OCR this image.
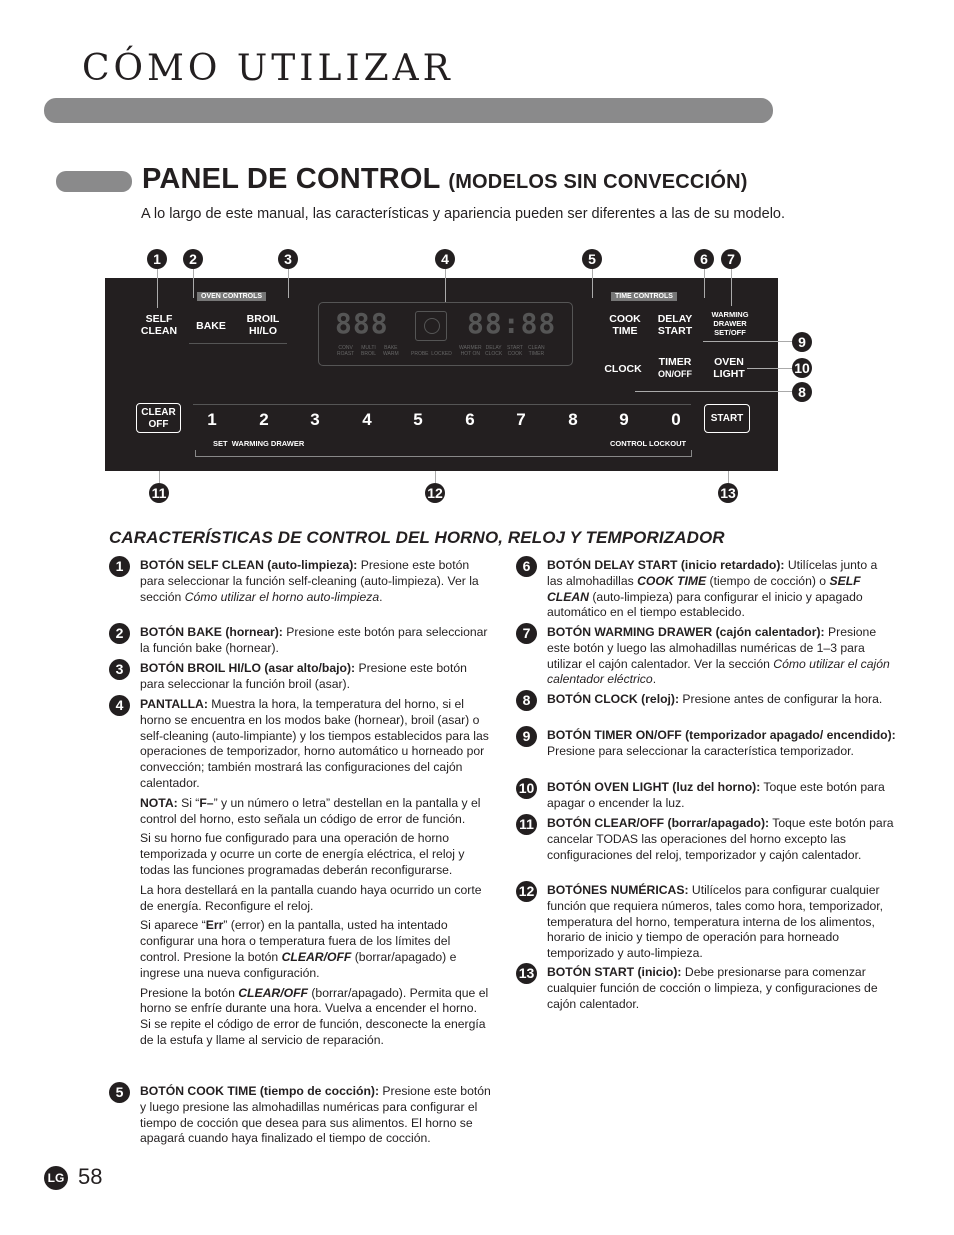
CÓMO UTILIZAR
PANEL DE CONTROL (MODELOS SIN CONVECCIÓN)
A lo largo de este manual, las características y apariencia pueden ser diferentes a las de su modelo.
1	2	3	4	5	6	7
9
10
8
11	12	13
SELF
CLEAN
OVEN CONTROLS
BAKE
BROIL
HI/LO
TIME CONTROLS
COOK
TIME
DELAY
START
WARMING
DRAWER
SET/OFF
CLOCK
TIMER
ON/OFF
OVEN
LIGHT
CLEAR
OFF
START
1	2	3	4	5	6	7	8	9	0
SET  WARMING DRAWER	CONTROL LOCKOUT
888	88:88
CONV
ROAST
MULTI
BROIL
BAKE
WARM PROBE  LOCKED
WARMER
HOT ON
DELAY
CLOCK
START
COOK
CLEAN
TIMER
CARACTERÍSTICAS DE CONTROL DEL HORNO, RELOJ Y TEMPORIZADOR
1	BOTÓN SELF CLEAN (auto-limpieza): Presione este botón para seleccionar la función self-cleaning (auto-limpieza). Ver la sección Cómo utilizar el horno auto-limpieza.
2	BOTÓN BAKE (hornear): Presione este botón para seleccionar la función bake (hornear).
3	BOTÓN BROIL HI/LO (asar alto/bajo): Presione este botón para seleccionar la función broil (asar).
4	PANTALLA: Muestra la hora, la temperatura del horno, si el horno se encuentra en los modos bake (hornear), broil (asar) o self-cleaning (auto-limpiante) y los tiempos establecidos para las operaciones de temporizador, horno automático u horneado por convección; también mostrará las configuraciones del cajón calentador.
NOTA: Si “F–” y un número o letra” destellan en la pantalla y el control del horno, esto señala un código de error de función.
Si su horno fue configurado para una operación de horno temporizada y ocurre un corte de energía eléctrica, el reloj y todas las funciones programadas deberán reconfigurarse.
La hora destellará en la pantalla cuando haya ocurrido un corte de energía. Reconfigure el reloj.
Si aparece “Err” (error) en la pantalla, usted ha intentado configurar una hora o temperatura fuera de los límites del control. Presione la botón CLEAR/OFF (borrar/apagado) e ingrese una nueva configuración.
Presione la botón CLEAR/OFF (borrar/apagado). Permita que el horno se enfríe durante una hora. Vuelva a encender el horno. Si se repite el código de error de función, desconecte la energía de la estufa y llame al servicio de reparación.
5	BOTÓN COOK TIME (tiempo de cocción): Presione este botón y luego presione las almohadillas numéricas para configurar el tiempo de cocción que desea para sus alimentos. El horno se apagará cuando haya finalizado el tiempo de cocción.
6	BOTÓN DELAY START (inicio retardado): Utilícelas junto a las almohadillas COOK TIME (tiempo de cocción) o SELF CLEAN (auto-limpieza) para configurar el inicio y apagado automático en el tiempo establecido.
7	BOTÓN WARMING DRAWER (cajón calentador): Presione este botón y luego las almohadillas numéricas de 1–3 para utilizar el cajón calentador. Ver la sección Cómo utilizar el cajón calentador eléctrico.
8	BOTÓN CLOCK (reloj): Presione antes de configurar la hora.
9	BOTÓN TIMER ON/OFF (temporizador apagado/ encendido): Presione para seleccionar la característica temporizador.
10 BOTÓN OVEN LIGHT (luz del horno): Toque este botón para apagar o encender la luz.
11 BOTÓN CLEAR/OFF (borrar/apagado): Toque este botón para cancelar TODAS las operaciones del horno excepto las configuraciones del reloj, temporizador y cajón calentador.
12 BOTÓNES NUMÉRICAS: Utilícelos para configurar cualquier función que requiera números, tales como hora, temporizador, temperatura del horno, temperatura interna de los alimentos, horario de inicio y tiempo de operación para horneado temporizado y auto-limpieza.
13 BOTÓN START (inicio): Debe presionarse para comenzar cualquier función de cocción o limpieza, y configuraciones de cajón calentador.
LG 58
